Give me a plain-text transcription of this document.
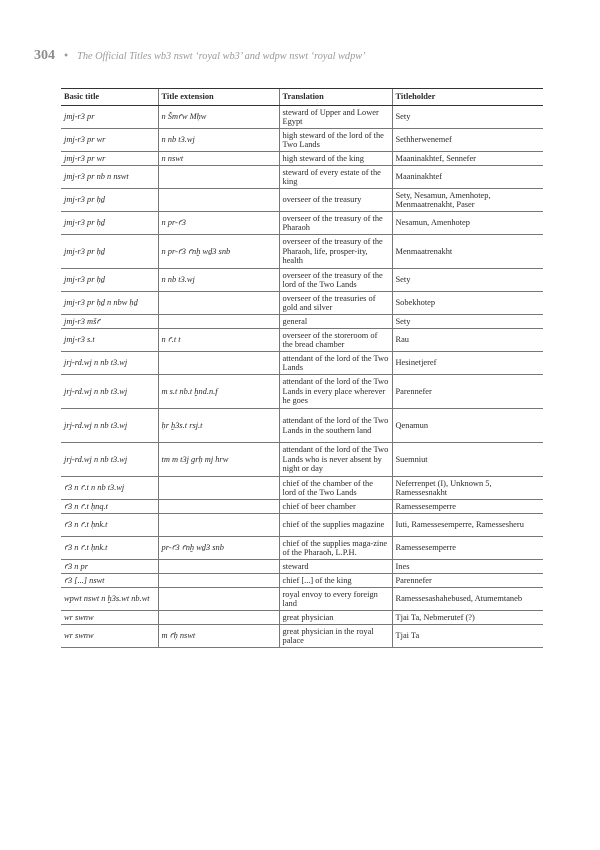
304 • The Official Titles wb3 nswt ‘royal wb3’ and wdpw nswt ‘royal wdpw’
Basic title	Title extension	Translation	Titleholder
jmj-r3 pr	n Šmꜥw Mḥw	steward of Upper and Lower Egypt	Sety
jmj-r3 pr wr	n nb t3.wj	high steward of the lord of the Two Lands	Sethherwenemef
jmj-r3 pr wr	n nswt	high steward of the king	Maaninakhtef, Sennefer
jmj-r3 pr nb n nswt		steward of every estate of the king	Maaninakhtef
jmj-r3 pr ḥḏ		overseer of the treasury	Sety, Nesamun, Amenhotep, Menmaatrenakht, Paser
jmj-r3 pr ḥḏ	n pr-ꜥ3	overseer of the treasury of the Pharaoh	Nesamun, Amenhotep
jmj-r3 pr ḥḏ	n pr-ꜥ3 ꜥnḫ wḏ3 snb	overseer of the treasury of the Pharaoh, life, prosper-ity, health	Menmaatrenakht
jmj-r3 pr ḥḏ	n nb t3.wj	overseer of the treasury of the lord of the Two Lands	Sety
jmj-r3 pr ḥḏ n nbw ḥḏ		overseer of the treasuries of gold and silver	Sobekhotep
jmj-r3 mšꜥ		general	Sety
jmj-r3 s.t	n ꜥ.t t	overseer of the storeroom of the bread chamber	Rau
jrj-rd.wj n nb t3.wj		attendant of the lord of the Two Lands	Hesinetjeref
jrj-rd.wj n nb t3.wj	m s.t nb.t ḫnd.n.f	attendant of the lord of the Two Lands in every place wherever he goes	Parennefer
jrj-rd.wj n nb t3.wj	ḥr ḫ3s.t rsj.t	attendant of the lord of the Two Lands in the southern land	Qenamun
jrj-rd.wj n nb t3.wj	tm m t3j grḥ mj hrw	attendant of the lord of the Two Lands who is never absent by night or day	Suemniut
ꜥ3 n ꜥ.t n nb t3.wj		chief of the chamber of the lord of the Two Lands	Neferrenpet (I), Unknown 5, Ramessesnakht
ꜥ3 n ꜥ.t ḥnq.t		chief of beer chamber	Ramessesemperre
ꜥ3 n ꜥ.t ḥnk.t		chief of the supplies magazine	Iuti, Ramessesemperre, Ramessesheru
ꜥ3 n ꜥ.t ḥnk.t	pr-ꜥ3 ꜥnḫ wḏ3 snb	chief of the supplies maga-zine of the Pharaoh, L.P.H.	Ramessesemperre
ꜥ3 n pr		steward	Ines
ꜥ3 [...] nswt		chief [...] of the king	Parennefer
wpwt nswt n ḫ3s.wt nb.wt		royal envoy to every foreign land	Ramessesashahebused, Atumemtaneb
wr swnw		great physician	Tjai Ta, Nebmerutef (?)
wr swnw	m ꜥḥ nswt	great physician in the royal palace	Tjai Ta
